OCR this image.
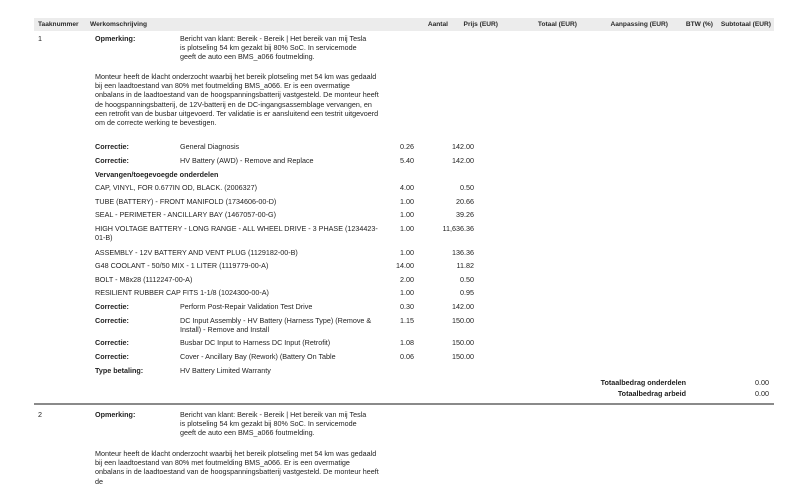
Taaknummer Werkomschrijving	Aantal Prijs (EUR)	Totaal (EUR)	Aanpassing (EUR)	BTW (%) Subtotaal (EUR)
1	Opmerking:	Bericht van klant: Bereik - Bereik | Het bereik van mij Tesla is plotseling 54 km gezakt bij 80% SoC. In servicemode geeft de auto een BMS_a066 foutmelding.
Monteur heeft de klacht onderzocht waarbij het bereik plotseling met 54 km was gedaald bij een laadtoestand van 80% met foutmelding BMS_a066. Er is een overmatige onbalans in de laadtoestand van de hoogspanningsbatterij vastgesteld. De monteur heeft de hoogspanningsbatterij, de 12V-batterij en de DC-ingangsassemblage vervangen, en een retrofit van de busbar uitgevoerd. Ter validatie is er aansluitend een testrit uitgevoerd om de correcte werking te bevestigen.
Correctie:	General Diagnosis	0.26	142.00
Correctie:	HV Battery (AWD) - Remove and Replace	5.40	142.00
Vervangen/toegevoegde onderdelen
CAP, VINYL, FOR 0.677IN OD, BLACK. (2006327)	4.00	0.50
TUBE (BATTERY) - FRONT MANIFOLD (1734606-00-D)	1.00	20.66
SEAL - PERIMETER - ANCILLARY BAY (1467057-00-G)	1.00	39.26
HIGH VOLTAGE BATTERY - LONG RANGE - ALL WHEEL DRIVE - 3 PHASE (1234423-01-B)
1.00	11,636.36
ASSEMBLY - 12V BATTERY AND VENT PLUG (1129182-00-B)	1.00	136.36
G48 COOLANT - 50/50 MIX - 1 LITER (1119779-00-A)	14.00	11.82
BOLT - M8x28 (1112247-00-A)	2.00	0.50
RESILIENT RUBBER CAP FITS 1-1/8 (1024300-00-A)	1.00	0.95
Correctie:	Perform Post-Repair Validation Test Drive	0.30	142.00
Correctie:	DC Input Assembly - HV Battery (Harness Type) (Remove & Install) - Remove and Install
1.15	150.00
Correctie:	Busbar DC Input to Harness DC Input (Retrofit)	1.08	150.00
Correctie:	Cover - Ancillary Bay (Rework) (Battery On Table	0.06	150.00
Type betaling:	HV Battery Limited Warranty
Totaalbedrag onderdelen	0.00
Totaalbedrag arbeid	0.00
2	Opmerking:	Bericht van klant: Bereik - Bereik | Het bereik van mij Tesla is plotseling 54 km gezakt bij 80% SoC. In servicemode geeft de auto een BMS_a066 foutmelding.
Monteur heeft de klacht onderzocht waarbij het bereik plotseling met 54 km was gedaald bij een laadtoestand van 80% met foutmelding BMS_a066. Er is een overmatige onbalans in de laadtoestand van de hoogspanningsbatterij vastgesteld. De monteur heeft de
